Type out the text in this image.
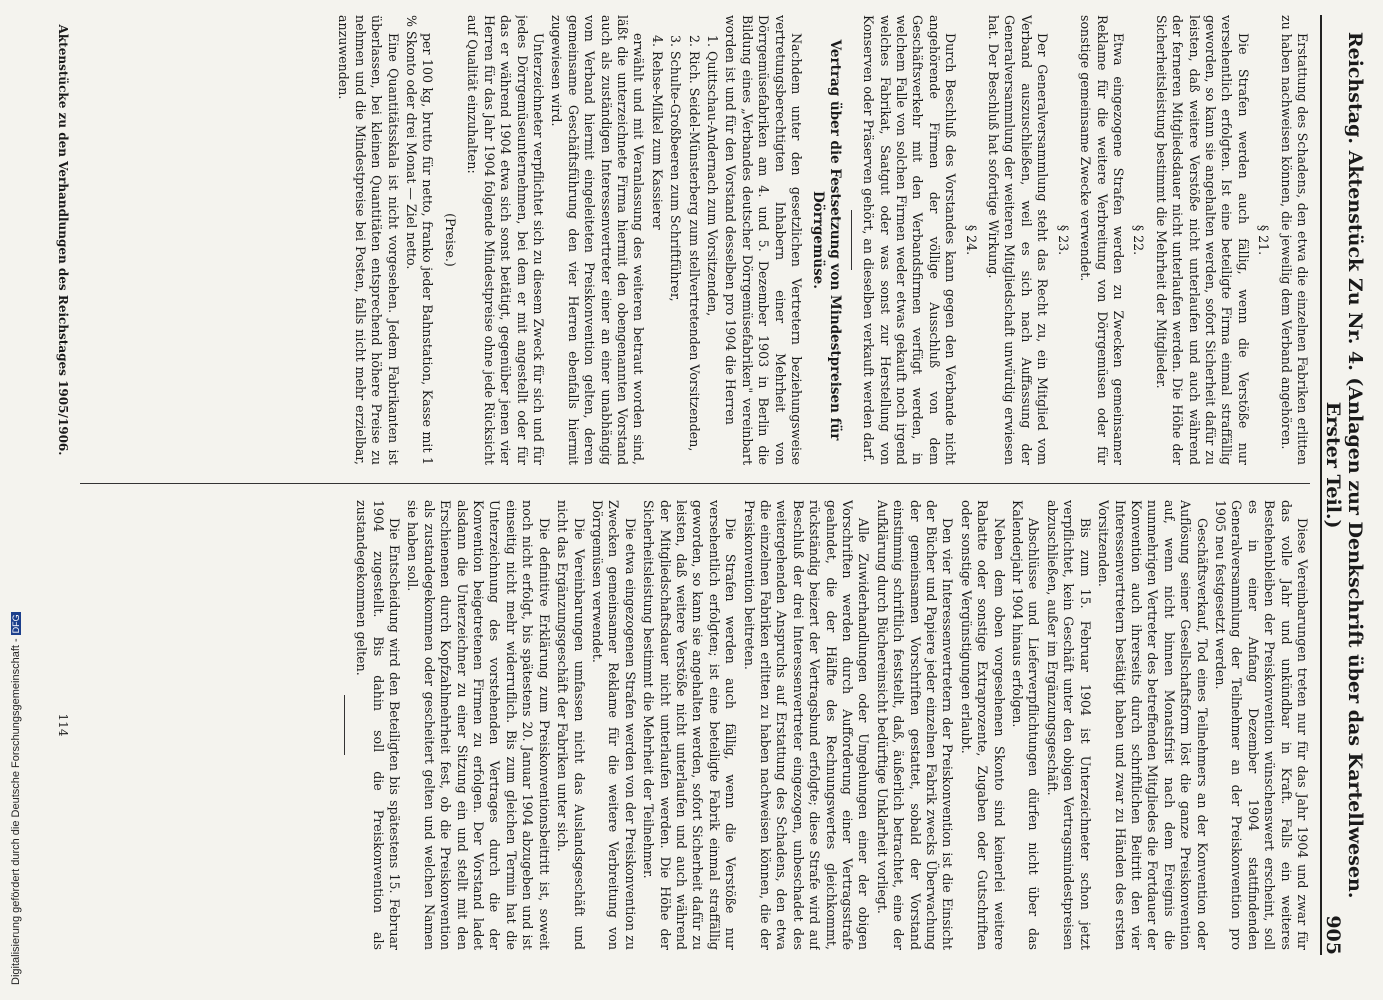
Reichstag. Aktenstück Zu Nr. 4. (Anlagen zur Denkschrift über das Kartellwesen. Erster Teil.)
905

Erstattung des Schadens, den etwa die einzelnen Fabriken erlitten zu haben nachweisen können, die jeweilig dem Verband angehören.

§ 21.

Die Strafen werden auch fällig, wenn die Verstöße nur versehentlich erfolgten. Ist eine beteiligte Firma einmal straffällig geworden, so kann sie angehalten werden, sofort Sicherheit dafür zu leisten, daß weitere Verstöße nicht unterlaufen und auch während der ferneren Mitgliedsdauer nicht unterlaufen werden. Die Höhe der Sicherheitsleistung bestimmt die Mehrheit der Mitglieder.

§ 22.

Etwa eingezogene Strafen werden zu Zwecken gemeinsamer Reklame für die weitere Verbreitung von Dörrgemüsen oder für sonstige gemeinsame Zwecke verwendet.

§ 23.

Der Generalversammlung steht das Recht zu, ein Mitglied vom Verband auszuschließen, weil es sich nach Auffassung der Generalversammlung der weiteren Mitgliedschaft unwürdig erwiesen hat. Der Beschluß hat sofortige Wirkung.

§ 24.

Durch Beschluß des Vorstandes kann gegen den Verbande nicht angehörende Firmen der völlige Ausschluß von dem Geschäftsverkehr mit den Verbandsfirmen verfügt werden, in welchem Falle von solchen Firmen weder etwas gekauft noch irgend welches Fabrikat, Saatgut oder was sonst zur Herstellung von Konserven oder Präserven gehört, an dieselben verkauft werden darf.

Vertrag über die Festsetzung von Mindestpreisen für Dörrgemüse.

Nachdem unter den gesetzlichen Vertretern beziehungsweise vertretungsberechtigten Inhabern einer Mehrheit von Dörrgemüsefabriken am 4. und 5. Dezember 1903 in Berlin die Bildung eines „Verbandes deutscher Dörrgemüsefabriken" vereinbart worden ist und für den Vorstand desselben pro 1904 die Herren

1. Quittschau-Andernach zum Vorsitzenden,

2. Rich. Seidel-Münsterberg zum stellvertretenden Vorsitzenden,

3. Schulte-Großbeeren zum Schriftführer,

4. Rehse-Milkel zum Kassierer

erwählt und mit Veranlassung des weiteren betraut worden sind, läßt die unterzeichnete Firma hiermit den obengenannten Vorstand auch als zuständigen Interessenvertreter einer an einer unabhängig vom Verband hiermit eingeleiteten Preiskonvention gelten, deren gemeinsame Geschäftsführung den vier Herren ebenfalls hiermit zugewiesen wird.

Unterzeichneter verpflichtet sich zu diesem Zweck für sich und für jedes Dörrgemüseunternehmen, bei dem er mit angestellt oder für das er während 1904 etwa sich sonst betätigt, gegenüber jenen vier Herren für das Jahr 1904 folgende Mindestpreise ohne jede Rücksicht auf Qualität einzuhalten:

(Preise.)

per 100 kg, brutto für netto, franko jeder Bahnstation, Kasse mit 1 % Skonto oder drei Monat — Ziel netto.

Eine Quantitätsskala ist nicht vorgesehen. Jedem Fabrikanten ist überlassen, bei kleinen Quantitäten entsprechend höhere Preise zu nehmen und die Mindestpreise bei Posten, falls nicht mehr erzielbar, anzuwenden.

Diese Vereinbarungen treten nur für das Jahr 1904 und zwar für das volle Jahr und unkündbar in Kraft. Falls ein weiteres Bestehenbleiben der Preiskonvention wünschenswert erscheint, soll es in einer Anfang Dezember 1904 stattfindenden Generalversammlung der Teilnehmer an der Preiskonvention pro 1905 neu festgesetzt werden.

Geschäftsverkauf, Tod eines Teilnehmers an der Konvention oder Auflösung seiner Gesellschaftsform löst die ganze Preiskonvention auf, wenn nicht binnen Monatsfrist nach dem Ereignis die nunmehrigen Vertreter des betreffenden Mitgliedes die Fortdauer der Konvention auch ihrerseits durch schriftlichen Beitritt den vier Interessenvertretern bestätigt haben und zwar zu Händen des ersten Vorsitzenden.

Bis zum 15. Februar 1904 ist Unterzeichneter schon jetzt verpflichtet, kein Geschäft unter den obigen Vertragsmindestpreisen abzuschließen, außer im Ergänzungsgeschäft.

Abschlüsse und Lieferverpflichtungen dürfen nicht über das Kalenderjahr 1904 hinaus erfolgen.

Neben dem oben vorgesehenen Skonto sind keinerlei weitere Rabatte oder sonstige Extraprozente, Zugaben oder Gutschriften oder sonstige Vergünstigungen erlaubt.

Den vier Interessenvertretern der Preiskonvention ist die Einsicht der Bücher und Papiere jeder einzelnen Fabrik zwecks Überwachung der gemeinsamen Vorschriften gestattet, sobald der Vorstand einstimmig schriftlich feststellt, daß, äußerlich betrachtet, eine der Aufklärung durch Büchereinsicht bedürftige Unklarheit vorliegt.

Alle Zuwiderhandlungen oder Umgehungen einer der obigen Vorschriften werden durch Aufforderung einer Vertragsstrafe geahndet, die der Hälfte des Rechnungswertes gleichkommt, rückständig beizert der Vertragsbund erfolgte; diese Strafe wird auf Beschluß der drei Interessenvertreter eingezogen, unbeschadet des weitergehenden Anspruchs auf Erstattung des Schadens, den etwa die einzelnen Fabriken erlitten zu haben nachweisen können, die der Preiskonvention beitreten.

Die Strafen werden auch fällig, wenn die Verstöße nur versehentlich erfolgten; ist eine beteiligte Fabrik einmal straffällig geworden, so kann sie angehalten werden, sofort Sicherheit dafür zu leisten, daß weitere Verstöße nicht unterlaufen und auch während der Mitgliedschaftsdauer nicht unterlaufen werden. Die Höhe der Sicherheitsleistung bestimmt die Mehrheit der Teilnehmer.

Die etwa eingezogenen Strafen werden von der Preiskonvention zu Zwecken gemeinsamer Reklame für die weitere Verbreitung von Dörrgemüsen verwendet.

Die Vereinbarungen umfassen nicht das Auslandsgeschäft und nicht das Ergänzungsgeschäft der Fabriken unter sich.

Die definitive Erklärung zum Preiskonventionsbeitritt ist, soweit noch nicht erfolgt, bis spätestens 20. Januar 1904 abzugeben und ist einseitig nicht mehr widerruflich. Bis zum gleichen Termin hat die Unterzeichnung des vorstehenden Vertrages durch die der Konvention beigetretenen Firmen zu erfolgen. Der Vorstand ladet alsdann die Unterzeichner zu einer Sitzung ein und stellt mit den Erschienenen durch Kopfzahlmehrheit fest, ob die Preiskonvention als zustandegekommen oder gescheitert gelten und welchen Namen sie haben soll.

Die Entscheidung wird den Beteiligten bis spätestens 15. Februar 1904 zugestellt. Bis dahin soll die Preiskonvention als zustandegekommen gelten.

Aktenstücke zu den Verhandlungen des Reichstages 1905/1906.
114
Digitalisierung gefördert durch die Deutsche Forschungsgemeinschaft -DFG
